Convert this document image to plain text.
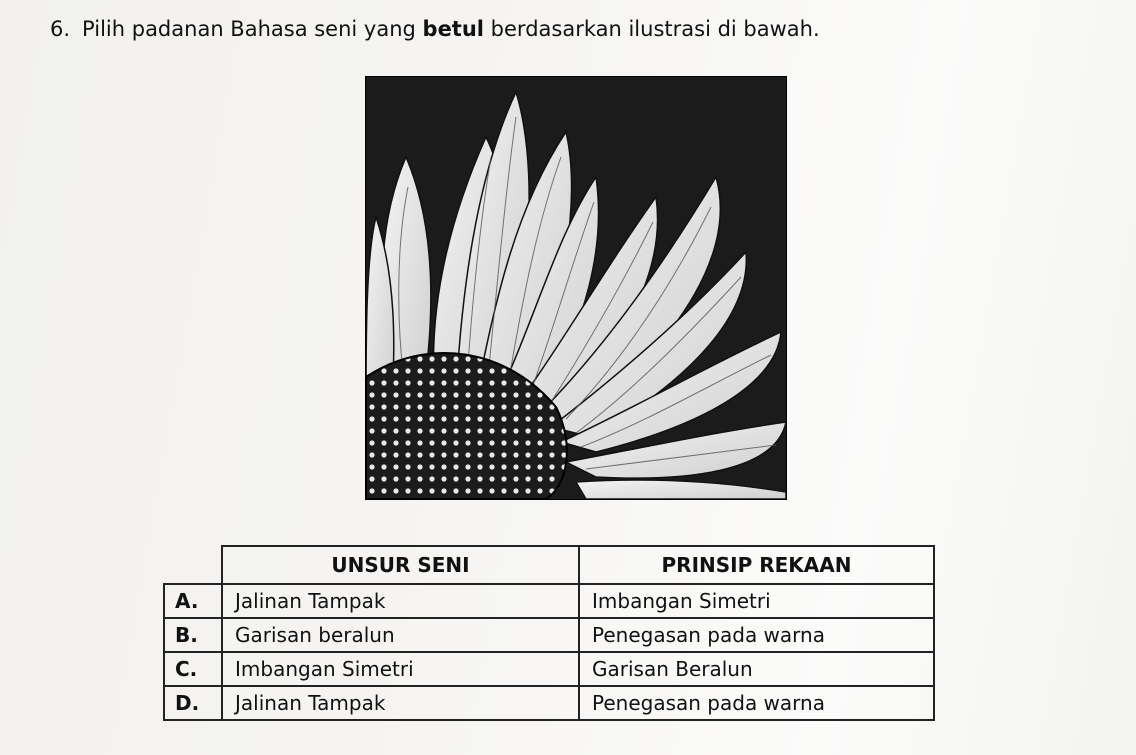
6. Pilih padanan Bahasa seni yang betul berdasarkan ilustrasi di bawah.
	UNSUR SENI	PRINSIP REKAAN
A.	Jalinan Tampak	Imbangan Simetri
B.	Garisan beralun	Penegasan pada warna
C.	Imbangan Simetri	Garisan Beralun
D.	Jalinan Tampak	Penegasan pada warna
